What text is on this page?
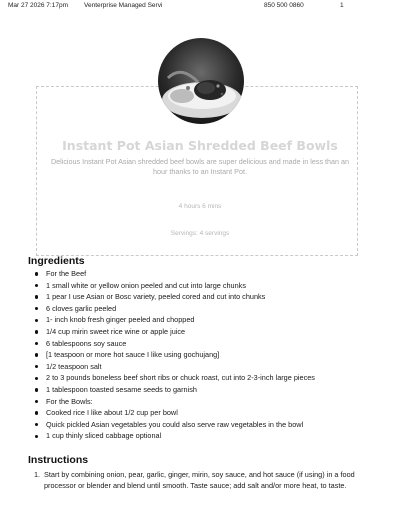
Mar 27 2026 7:17pm Venterprise Managed Servi	850 500 0860	1
Instant Pot Asian Shredded Beef Bowls

Delicious Instant Pot Asian shredded beef bowls are super delicious and made in less than an hour thanks to an Instant Pot.

4 hours 6 mins
Servings: 4 servings
Ingredients
For the Beef
1 small white or yellow onion peeled and cut into large chunks
1 pear I use Asian or Bosc variety, peeled cored and cut into chunks
6 cloves garlic peeled
1- inch knob fresh ginger peeled and chopped
1/4 cup mirin sweet rice wine or apple juice
6 tablespoons soy sauce
[1 teaspoon or more hot sauce I like using gochujang]
1/2 teaspoon salt
2 to 3 pounds boneless beef short ribs or chuck roast, cut into 2-3-inch large pieces
1 tablespoon toasted sesame seeds to garnish
For the Bowls:
Cooked rice I like about 1/2 cup per bowl
Quick pickled Asian vegetables you could also serve raw vegetables in the bowl
1 cup thinly sliced cabbage optional
Instructions
1. Start by combining onion, pear, garlic, ginger, mirin, soy sauce, and hot sauce (if using) in a food processor or blender and blend until smooth. Taste sauce; add salt and/or more heat, to taste.
